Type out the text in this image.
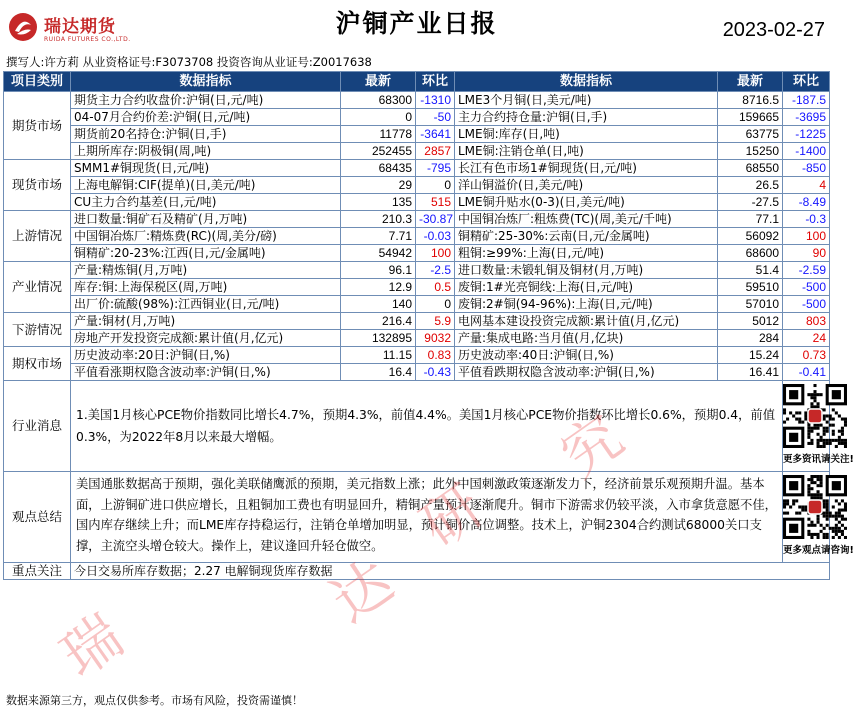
瑞达期货
RUIDA FUTURES CO.,LTD.
沪铜产业日报	2023-02-27
撰写人:许方莉 从业资格证号:F3073708 投资咨询从业证号:Z0017638
项目类别	数据指标	最新	环比	数据指标	最新	环比
期货市场	期货主力合约收盘价:沪铜(日,元/吨)	68300	-1310	LME3个月铜(日,美元/吨)	8716.5	-187.5
	04-07月合约价差:沪铜(日,元/吨)	0	-50	主力合约持仓量:沪铜(日,手)	159665	-3695
	期货前20名持仓:沪铜(日,手)	11778	-3641	LME铜:库存(日,吨)	63775	-1225
	上期所库存:阴极铜(周,吨)	252455	2857	LME铜:注销仓单(日,吨)	15250	-1400
现货市场	SMM1#铜现货(日,元/吨)	68435	-795	长江有色市场1#铜现货(日,元/吨)	68550	-850
	上海电解铜:CIF(提单)(日,美元/吨)	29	0	洋山铜溢价(日,美元/吨)	26.5	4
	CU主力合约基差(日,元/吨)	135	515	LME铜升贴水(0-3)(日,美元/吨)	-27.5	-8.49
上游情况	进口数量:铜矿石及精矿(月,万吨)	210.3	-30.87	中国铜冶炼厂:粗炼费(TC)(周,美元/千吨)	77.1	-0.3
	中国铜冶炼厂:精炼费(RC)(周,美分/磅)	7.71	-0.03	铜精矿:25-30%:云南(日,元/金属吨)	56092	100
	铜精矿:20-23%:江西(日,元/金属吨)	54942	100	粗铜:≥99%:上海(日,元/吨)	68600	90
产业情况	产量:精炼铜(月,万吨)	96.1	-2.5	进口数量:未锻轧铜及铜材(月,万吨)	51.4	-2.59
	库存:铜:上海保税区(周,万吨)	12.9	0.5	废铜:1#光亮铜线:上海(日,元/吨)	59510	-500
	出厂价:硫酸(98%):江西铜业(日,元/吨)	140	0	废铜:2#铜(94-96%):上海(日,元/吨)	57010	-500
下游情况	产量:铜材(月,万吨)	216.4	5.9	电网基本建设投资完成额:累计值(月,亿元)	5012	803
	房地产开发投资完成额:累计值(月,亿元)	132895	9032	产量:集成电路:当月值(月,亿块)	284	24
期权市场	历史波动率:20日:沪铜(日,%)	11.15	0.83	历史波动率:40日:沪铜(日,%)	15.24	0.73
	平值看涨期权隐含波动率:沪铜(日,%)	16.4	-0.43	平值看跌期权隐含波动率:沪铜(日,%)	16.41	-0.41
行业消息	1.美国1月核心PCE物价指数同比增长4.7%，预期4.3%，前值4.4%。美国1月核心PCE物价指数环比增长0.6%，预期0.4，前值0.3%，为2022年8月以来最大增幅。					更多资讯请关注!

观点总结	美国通胀数据高于预期，强化美联储鹰派的预期，美元指数上涨；此外中国刺激政策逐渐发力下，经济前景乐观预期升温。基本面，上游铜矿进口供应增长，且粗铜加工费也有明显回升，精铜产量预计逐渐爬升。铜市下游需求仍较平淡，入市拿货意愿不佳，国内库存继续上升；而LME库存持稳运行，注销仓单增加明显，预计铜价高位调整。技术上，沪铜2304合约测试68000关口支撑，主流空头增仓较大。操作上，建议逢回升轻仓做空。					更多观点请咨询!

重点关注	今日交易所库存数据；2.27 电解铜现货库存数据					
数据来源第三方，观点仅供参考。市场有风险，投资需谨慎！
瑞
达
研
究
